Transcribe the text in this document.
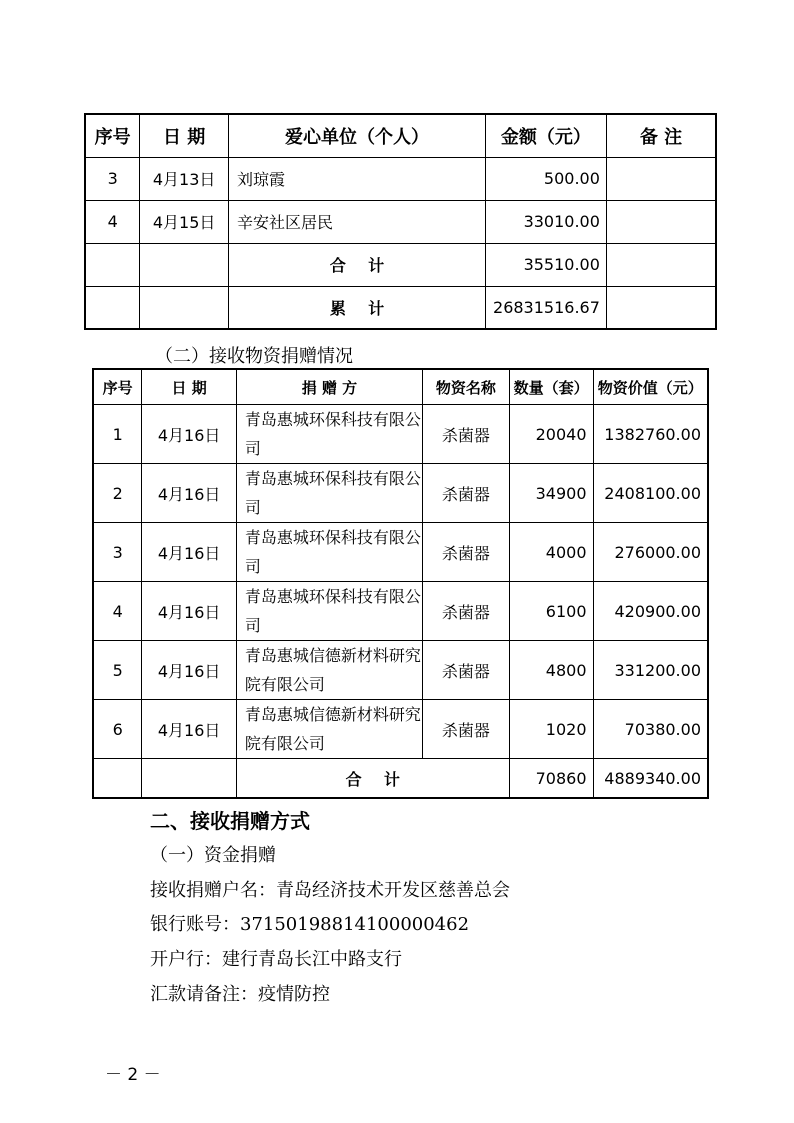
序号	日 期	爱心单位（个人）	金额（元）	备 注
3	4月13日	刘琼霞	500.00	
4	4月15日	辛安社区居民	33010.00	
		合    计	35510.00	
		累    计	26831516.67	
（二）接收物资捐赠情况
序号	日 期	捐 赠 方	物资名称	数量（套）	物资价值（元）
1	4月16日	青岛惠城环保科技有限公司	杀菌器	20040	1382760.00
2	4月16日	青岛惠城环保科技有限公司	杀菌器	34900	2408100.00
3	4月16日	青岛惠城环保科技有限公司	杀菌器	4000	276000.00
4	4月16日	青岛惠城环保科技有限公司	杀菌器	6100	420900.00
5	4月16日	青岛惠城信德新材料研究院有限公司	杀菌器	4800	331200.00
6	4月16日	青岛惠城信德新材料研究院有限公司	杀菌器	1020	70380.00
		合    计		70860	4889340.00
二、接收捐赠方式
（一）资金捐赠
接收捐赠户名：青岛经济技术开发区慈善总会
银行账号：37150198814100000462
开户行：建行青岛长江中路支行
汇款请备注：疫情防控
－ 2 －
